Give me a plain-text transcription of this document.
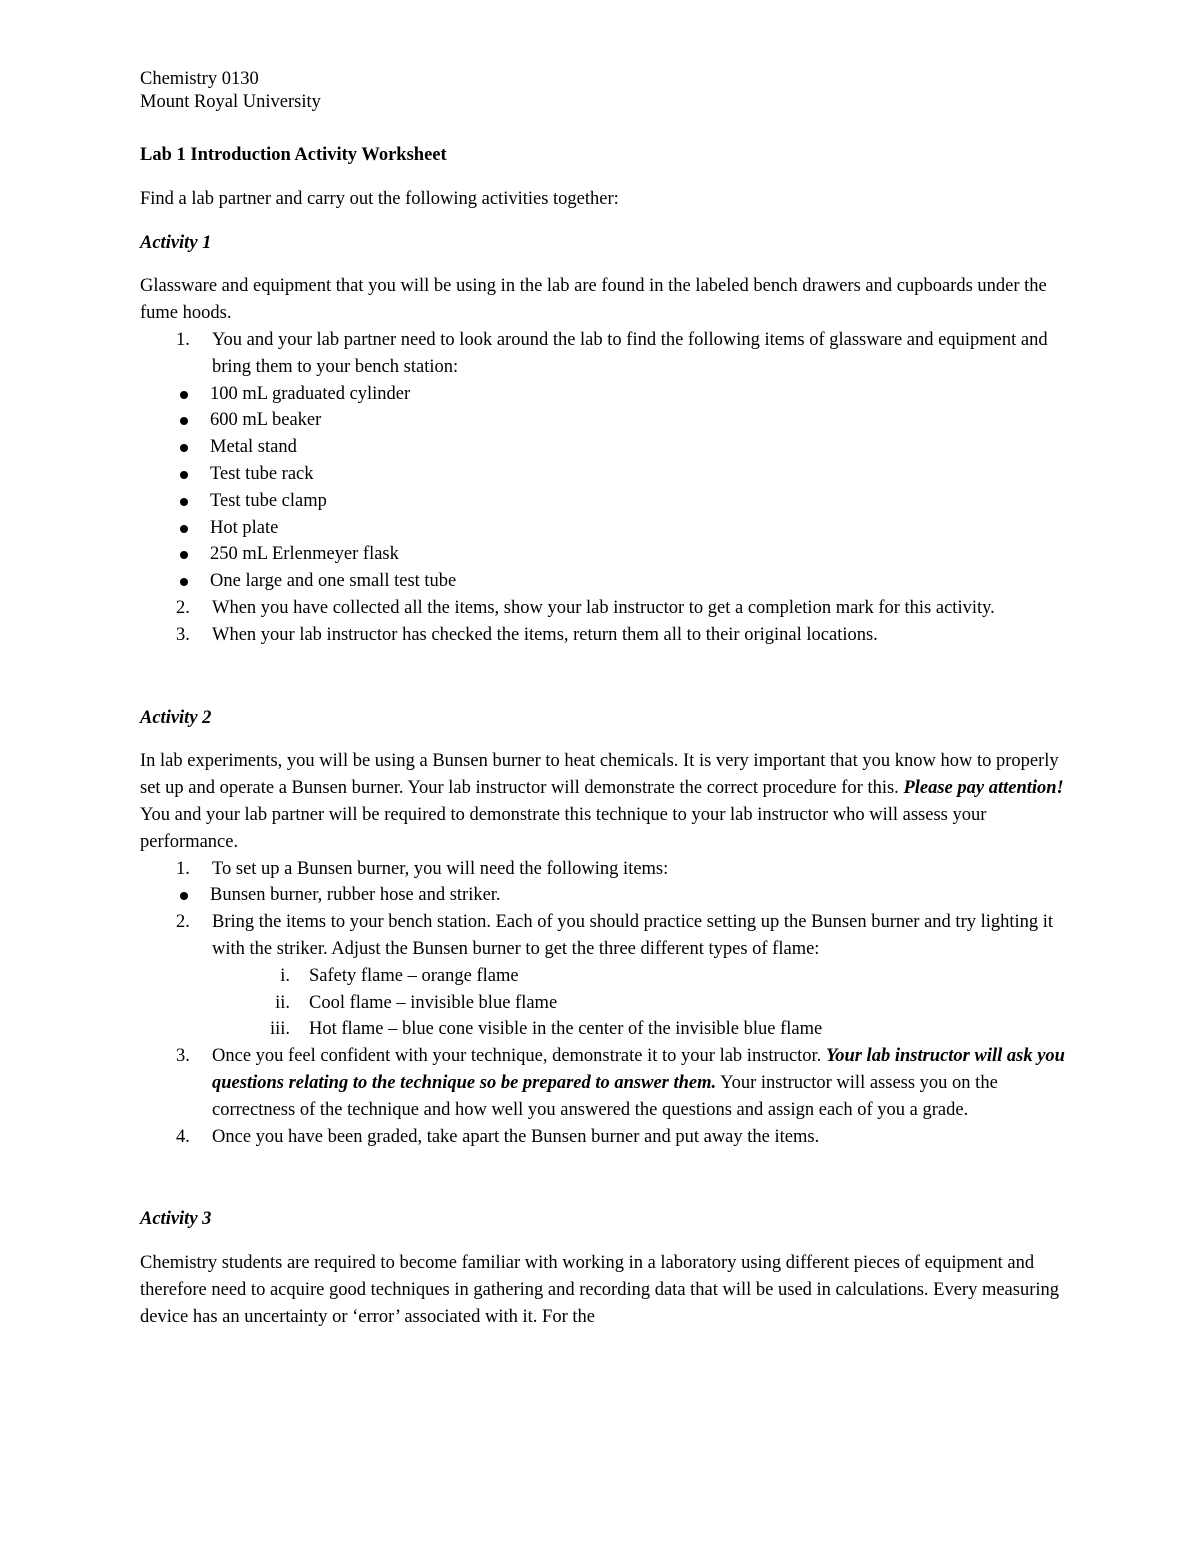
Chemistry 0130

Mount Royal University

Lab 1 Introduction Activity Worksheet

Find a lab partner and carry out the following activities together:

Activity 1

Glassware and equipment that you will be using in the lab are found in the labeled bench drawers and cupboards under the fume hoods.

1. You and your lab partner need to look around the lab to find the following items of glassware and equipment and bring them to your bench station:
100 mL graduated cylinder
600 mL beaker
Metal stand
Test tube rack
Test tube clamp
Hot plate
250 mL Erlenmeyer flask
One large and one small test tube
2. When you have collected all the items, show your lab instructor to get a completion mark for this activity.
3. When your lab instructor has checked the items, return them all to their original locations.

Activity 2

In lab experiments, you will be using a Bunsen burner to heat chemicals. It is very important that you know how to properly set up and operate a Bunsen burner. Your lab instructor will demonstrate the correct procedure for this. Please pay attention! You and your lab partner will be required to demonstrate this technique to your lab instructor who will assess your performance.

1. To set up a Bunsen burner, you will need the following items:
Bunsen burner, rubber hose and striker.
2. Bring the items to your bench station. Each of you should practice setting up the Bunsen burner and try lighting it with the striker. Adjust the Bunsen burner to get the three different types of flame:
i. Safety flame – orange flame
ii. Cool flame – invisible blue flame
iii. Hot flame – blue cone visible in the center of the invisible blue flame
3. Once you feel confident with your technique, demonstrate it to your lab instructor. Your lab instructor will ask you questions relating to the technique so be prepared to answer them. Your instructor will assess you on the correctness of the technique and how well you answered the questions and assign each of you a grade.
4. Once you have been graded, take apart the Bunsen burner and put away the items.

Activity 3

Chemistry students are required to become familiar with working in a laboratory using different pieces of equipment and therefore need to acquire good techniques in gathering and recording data that will be used in calculations. Every measuring device has an uncertainty or ‘error’ associated with it. For the
